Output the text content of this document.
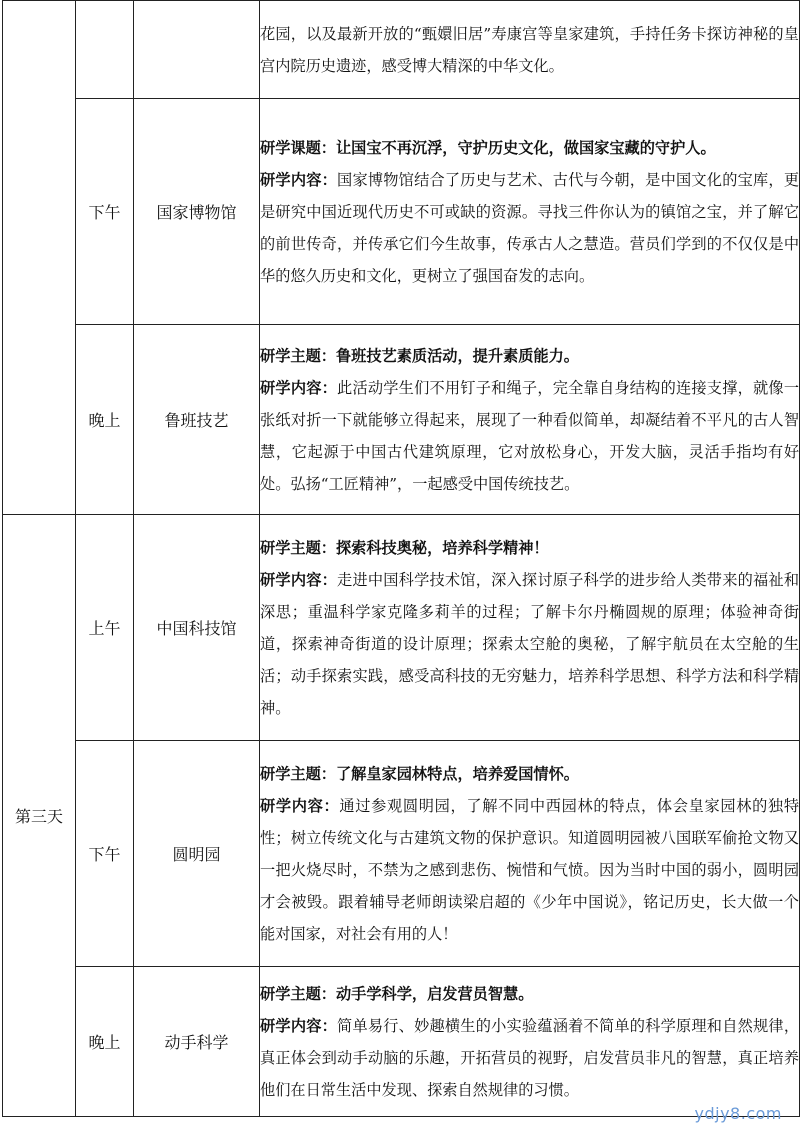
			花园，以及最新开放的“甄嬛旧居”寿康宫等皇家建筑，手持任务卡探访神秘的皇宫内院历史遗迹，感受博大精深的中华文化。
	下午	国家博物馆	研学课题：让国宝不再沉浮，守护历史文化，做国家宝藏的守护人。
研学内容：国家博物馆结合了历史与艺术、古代与今朝，是中国文化的宝库，更是研究中国近现代历史不可或缺的资源。寻找三件你认为的镇馆之宝，并了解它的前世传奇，并传承它们今生故事，传承古人之慧造。营员们学到的不仅仅是中华的悠久历史和文化，更树立了强国奋发的志向。
	晚上	鲁班技艺	研学主题：鲁班技艺素质活动，提升素质能力。
研学内容：此活动学生们不用钉子和绳子，完全靠自身结构的连接支撑，就像一张纸对折一下就能够立得起来，展现了一种看似简单，却凝结着不平凡的古人智慧，它起源于中国古代建筑原理，它对放松身心，开发大脑，灵活手指均有好处。弘扬“工匠精神”，一起感受中国传统技艺。
第三天	上午	中国科技馆	研学主题：探索科技奥秘，培养科学精神！
研学内容：走进中国科学技术馆，深入探讨原子科学的进步给人类带来的福祉和深思；重温科学家克隆多莉羊的过程；了解卡尔丹椭圆规的原理；体验神奇街道，探索神奇街道的设计原理；探索太空舱的奥秘，了解宇航员在太空舱的生活；动手探索实践，感受高科技的无穷魅力，培养科学思想、科学方法和科学精神。
	下午	圆明园	研学主题：了解皇家园林特点，培养爱国情怀。
研学内容：通过参观圆明园，了解不同中西园林的特点，体会皇家园林的独特性；树立传统文化与古建筑文物的保护意识。知道圆明园被八国联军偷抢文物又一把火烧尽时，不禁为之感到悲伤、惋惜和气愤。因为当时中国的弱小，圆明园才会被毁。跟着辅导老师朗读梁启超的《少年中国说》，铭记历史，长大做一个能对国家，对社会有用的人！
	晚上	动手科学	研学主题：动手学科学，启发营员智慧。
研学内容：简单易行、妙趣横生的小实验蕴涵着不简单的科学原理和自然规律，真正体会到动手动脑的乐趣，开拓营员的视野，启发营员非凡的智慧，真正培养他们在日常生活中发现、探索自然规律的习惯。
ydjy8.com
